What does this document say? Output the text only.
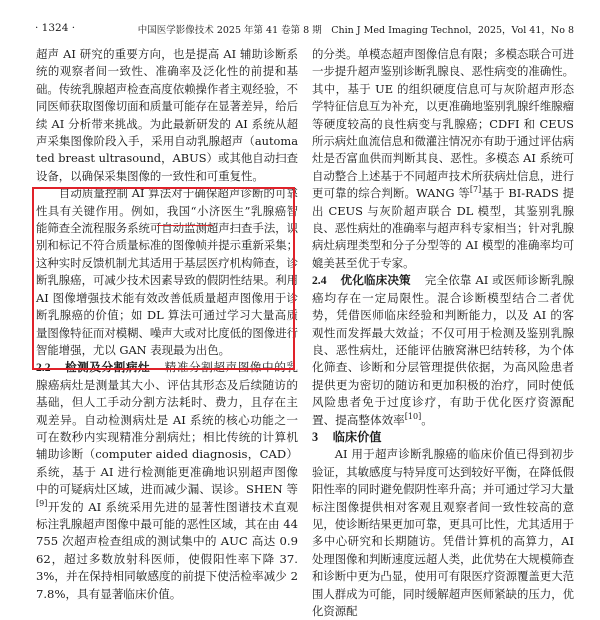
· 1324 ·	中国医学影像技术 2025 年第 41 卷第 8 期　Chin J Med Imaging Technol，2025，Vol 41，No 8

超声 AI 研究的重要方向，也是提高 AI 辅助诊断系统的观察者间一致性、准确率及泛化性的前提和基础。传统乳腺超声检查高度依赖操作者主观经验，不同医师获取图像切面和质量可能存在显著差异，给后续 AI 分析带来挑战。为此最新研发的 AI 系统从超声采集图像阶段入手，采用自动乳腺超声（automated breast ultrasound，ABUS）或其他自动扫查设备，以确保采集图像的一致性和可重复性。

自动质量控制 AI 算法对于确保超声诊断的可靠性具有关键作用。例如，我国“小济医生”乳腺癌智能筛查全流程服务系统可自动监测超声扫查手法，识别和标记不符合质量标准的图像帧并提示重新采集；这种实时反馈机制尤其适用于基层医疗机构筛查，诊断乳腺癌，可减少技术因素导致的假阴性结果。利用 AI 图像增强技术能有效改善低质量超声图像用于诊断乳腺癌的价值；如 DL 算法可通过学习大量高质量图像特征而对模糊、噪声大或对比度低的图像进行智能增强，尤以 GAN 表现最为出色。

2.2 检测及分割病灶 精准分割超声图像中的乳腺癌病灶是测量其大小、评估其形态及后续随访的基础，但人工手动分割方法耗时、费力，且存在主观差异。自动检测病灶是 AI 系统的核心功能之一可在数秒内实现精准分割病灶；相比传统的计算机辅助诊断（computer aided diagnosis，CAD）系统，基于 AI 进行检测能更准确地识别超声图像中的可疑病灶区域，进而减少漏、误诊。SHEN 等[9]开发的 AI 系统采用先进的显著性图谱技术直观标注乳腺超声图像中最可能的恶性区域，其在由 44 755 次超声检查组成的测试集中的 AUC 高达 0.962，超过多数放射科医师，使假阳性率下降 37.3%，并在保持相同敏感度的前提下使活检率减少 27.8%，具有显著临床价值。

的分类。单模态超声图像信息有限；多模态联合可进一步提升超声鉴别诊断乳腺良、恶性病变的准确性。其中，基于 UE 的组织硬度信息可与灰阶超声形态学特征信息互为补充，以更准确地鉴别乳腺纤维腺瘤等硬度较高的良性病变与乳腺癌；CDFI 和 CEUS 所示病灶血流信息和微灌注情况亦有助于通过评估病灶是否富血供而判断其良、恶性。多模态 AI 系统可自动整合上述基于不同超声技术所获病灶信息，进行更可靠的综合判断。WANG 等[7]基于 BI-RADS 提出 CEUS 与灰阶超声联合 DL 模型，其鉴别乳腺良、恶性病灶的准确率与超声科专家相当；针对乳腺病灶病理类型和分子分型等的 AI 模型的准确率均可媲美甚至优于专家。

2.4 优化临床决策 完全依靠 AI 或医师诊断乳腺癌均存在一定局限性。混合诊断模型结合二者优势，凭借医师临床经验和判断能力，以及 AI 的客观性而发挥最大效益；不仅可用于检测及鉴别乳腺良、恶性病灶，还能评估腋窝淋巴结转移，为个体化筛查、诊断和分层管理提供依据，为高风险患者提供更为密切的随访和更加积极的治疗，同时使低风险患者免于过度诊疗，有助于优化医疗资源配置、提高整体效率[10]。
3 临床价值

AI 用于超声诊断乳腺癌的临床价值已得到初步验证，其敏感度与特异度可达到较好平衡，在降低假阳性率的同时避免假阴性率升高；并可通过学习大量标注图像提供相对客观且观察者间一致性较高的意见，使诊断结果更加可靠，更具可比性，尤其适用于多中心研究和长期随访。凭借计算机的高算力，AI 处理图像和判断速度远超人类，此优势在大规模筛查和诊断中更为凸显，使用可有限医疗资源覆盖更大范围人群成为可能，同时缓解超声医师紧缺的压力，优化资源配
